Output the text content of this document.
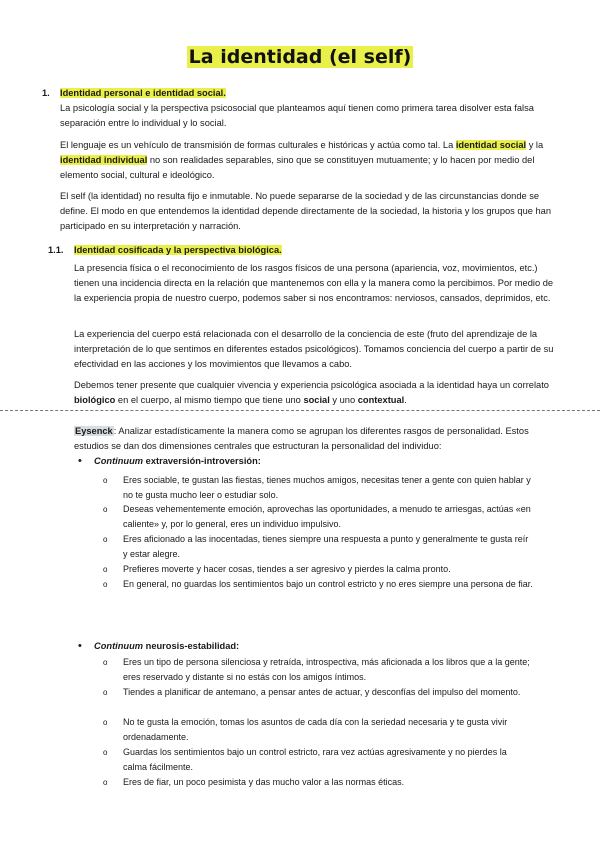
La identidad (el self)
1. Identidad personal e identidad social.
La psicología social y la perspectiva psicosocial que planteamos aquí tienen como primera tarea disolver esta falsa separación entre lo individual y lo social.
El lenguaje es un vehículo de transmisión de formas culturales e históricas y actúa como tal. La identidad social y la identidad individual no son realidades separables, sino que se constituyen mutuamente; y lo hacen por medio del elemento social, cultural e ideológico.
El self (la identidad) no resulta fijo e inmutable. No puede separarse de la sociedad y de las circunstancias donde se define. El modo en que entendemos la identidad depende directamente de la sociedad, la historia y los grupos que han participado en su interpretación y narración.
1.1. Identidad cosificada y la perspectiva biológica.
La presencia física o el reconocimiento de los rasgos físicos de una persona (apariencia, voz, movimientos, etc.) tienen una incidencia directa en la relación que mantenemos con ella y la manera como la percibimos. Por medio de la experiencia propia de nuestro cuerpo, podemos saber si nos encontramos: nerviosos, cansados, deprimidos, etc.
La experiencia del cuerpo está relacionada con el desarrollo de la conciencia de este (fruto del aprendizaje de la interpretación de lo que sentimos en diferentes estados psicológicos). Tomamos conciencia del cuerpo a partir de su efectividad en las acciones y los movimientos que llevamos a cabo.
Debemos tener presente que cualquier vivencia y experiencia psicológica asociada a la identidad haya un correlato biológico en el cuerpo, al mismo tiempo que tiene uno social y uno contextual.
Eysenck: Analizar estadísticamente la manera como se agrupan los diferentes rasgos de personalidad. Estos estudios se dan dos dimensiones centrales que estructuran la personalidad del individuo:
• Continuum extraversión-introversión:
o Eres sociable, te gustan las fiestas, tienes muchos amigos, necesitas tener a gente con quien hablar y no te gusta mucho leer o estudiar solo.
o Deseas vehementemente emoción, aprovechas las oportunidades, a menudo te arriesgas, actúas «en caliente» y, por lo general, eres un individuo impulsivo.
o Eres aficionado a las inocentadas, tienes siempre una respuesta a punto y generalmente te gusta reír y estar alegre.
o Prefieres moverte y hacer cosas, tiendes a ser agresivo y pierdes la calma pronto.
o En general, no guardas los sentimientos bajo un control estricto y no eres siempre una persona de fiar.
• Continuum neurosis-estabilidad:
o Eres un tipo de persona silenciosa y retraída, introspectiva, más aficionada a los libros que a la gente; eres reservado y distante si no estás con los amigos íntimos.
o Tiendes a planificar de antemano, a pensar antes de actuar, y desconfías del impulso del momento.
o No te gusta la emoción, tomas los asuntos de cada día con la seriedad necesaria y te gusta vivir ordenadamente.
o Guardas los sentimientos bajo un control estricto, rara vez actúas agresivamente y no pierdes la calma fácilmente.
o Eres de fiar, un poco pesimista y das mucho valor a las normas éticas.
